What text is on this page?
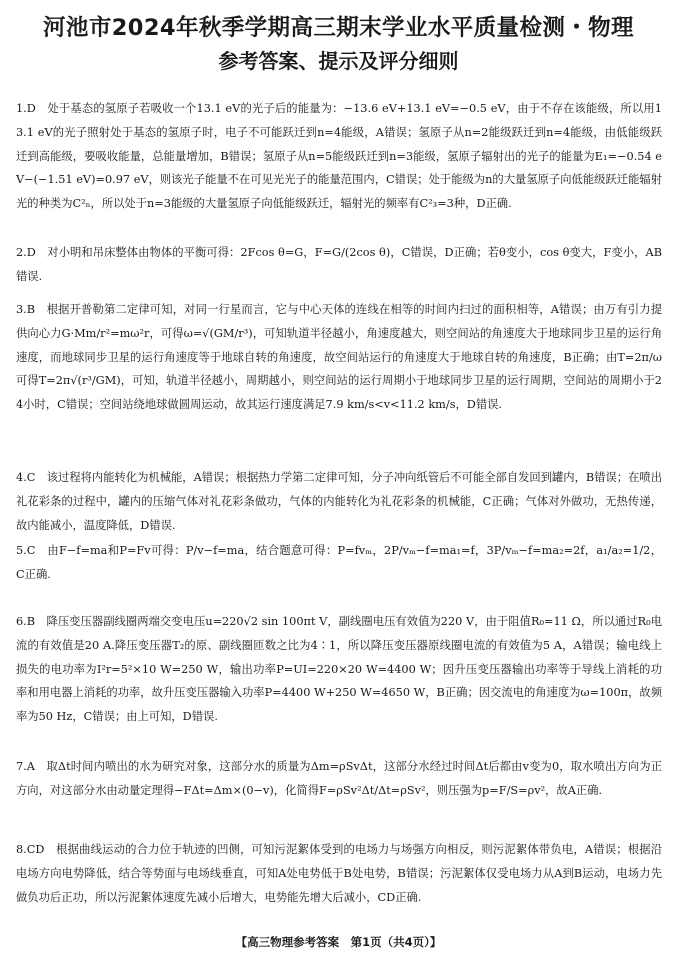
河池市2024年秋季学期高三期末学业水平质量检测・物理
参考答案、提示及评分细则
1.D　处于基态的氢原子若吸收一个13.1 eV的光子后的能量为：−13.6 eV+13.1 eV=−0.5 eV，由于不存在该能级，所以用13.1 eV的光子照射处于基态的氢原子时，电子不可能跃迁到n=4能级，A错误；氢原子从n=2能级跃迁到n=4能级，由低能级跃迁到高能级，要吸收能量，总能量增加，B错误；氢原子从n=5能级跃迁到n=3能级，氢原子辐射出的光子的能量为E₁=−0.54 eV−(−1.51 eV)=0.97 eV，则该光子能量不在可见光光子的能量范围内，C错误；处于能级为n的大量氢原子向低能级跃迁能辐射光的种类为C²ₙ，所以处于n=3能级的大量氢原子向低能级跃迁，辐射光的频率有C²₃=3种，D正确.
2.D　对小明和吊床整体由物体的平衡可得：2Fcos θ=G，F=G/(2cos θ)，C错误，D正确；若θ变小，cos θ变大，F变小，AB错误.
3.B　根据开普勒第二定律可知，对同一行星而言，它与中心天体的连线在相等的时间内扫过的面积相等，A错误；由万有引力提供向心力G·Mm/r²=mω²r，可得ω=√(GM/r³)，可知轨道半径越小，角速度越大，则空间站的角速度大于地球同步卫星的运行角速度，而地球同步卫星的运行角速度等于地球自转的角速度，故空间站运行的角速度大于地球自转的角速度，B正确；由T=2π/ω可得T=2π√(r³/GM)，可知，轨道半径越小，周期越小，则空间站的运行周期小于地球同步卫星的运行周期，空间站的周期小于24小时，C错误；空间站绕地球做圆周运动，故其运行速度满足7.9 km/s<v<11.2 km/s，D错误.
4.C　该过程将内能转化为机械能，A错误；根据热力学第二定律可知，分子冲向纸管后不可能全部自发回到罐内，B错误；在喷出礼花彩条的过程中，罐内的压缩气体对礼花彩条做功，气体的内能转化为礼花彩条的机械能，C正确；气体对外做功，无热传递，故内能减小，温度降低，D错误.
5.C　由F−f=ma和P=Fv可得：P/v−f=ma，结合题意可得：P=fvₘ，2P/vₘ−f=ma₁=f，3P/vₘ−f=ma₂=2f，a₁/a₂=1/2，C正确.
6.B　降压变压器副线圈两端交变电压u=220√2 sin 100πt V，副线圈电压有效值为220 V，由于阻值R₀=11 Ω，所以通过R₀电流的有效值是20 A.降压变压器T₂的原、副线圈匝数之比为4∶1，所以降压变压器原线圈电流的有效值为5 A，A错误；输电线上损失的电功率为I²r=5²×10 W=250 W，输出功率P=UI=220×20 W=4400 W；因升压变压器输出功率等于导线上消耗的功率和用电器上消耗的功率，故升压变压器输入功率P=4400 W+250 W=4650 W，B正确；因交流电的角速度为ω=100π，故频率为50 Hz，C错误；由上可知，D错误.
7.A　取Δt时间内喷出的水为研究对象，这部分水的质量为Δm=ρSvΔt，这部分水经过时间Δt后都由v变为0，取水喷出方向为正方向，对这部分水由动量定理得−FΔt=Δm×(0−v)，化简得F=ρSv²Δt/Δt=ρSv²，则压强为p=F/S=ρv²，故A正确.
8.CD　根据曲线运动的合力位于轨迹的凹侧，可知污泥絮体受到的电场力与场强方向相反，则污泥絮体带负电，A错误；根据沿电场方向电势降低，结合等势面与电场线垂直，可知A处电势低于B处电势，B错误；污泥絮体仅受电场力从A到B运动，电场力先做负功后正功，所以污泥絮体速度先减小后增大，电势能先增大后减小，CD正确.
【高三物理参考答案　第1页（共4页）】
